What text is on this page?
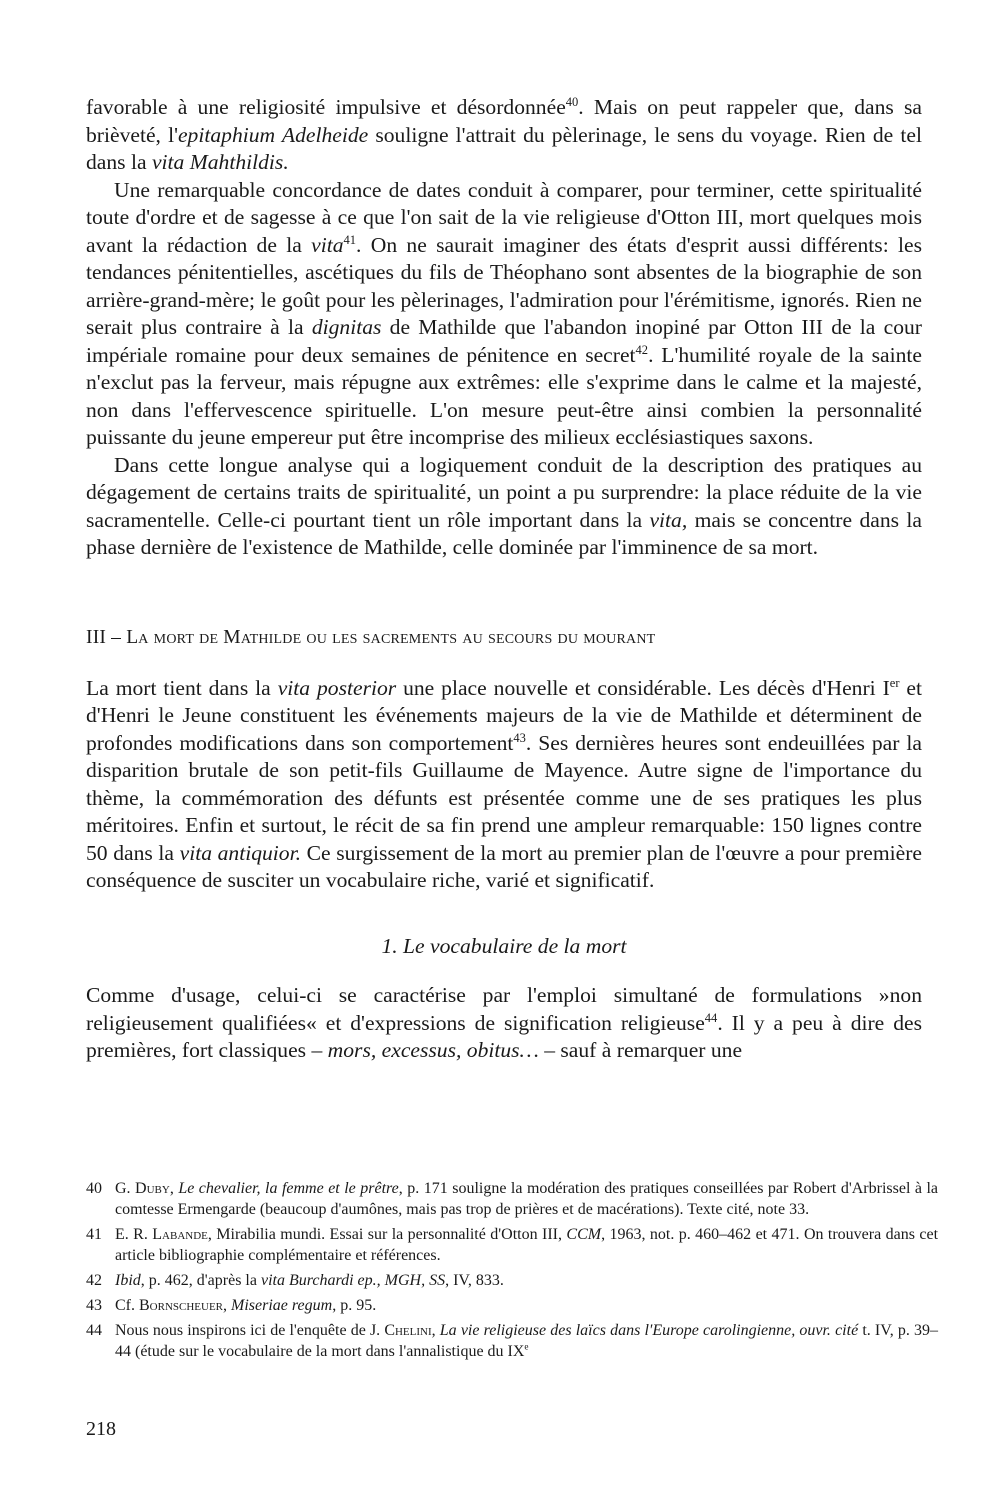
favorable à une religiosité impulsive et désordonnée$^{40}$. Mais on peut rappeler que, dans sa brièveté, l'epitaphium Adelheide souligne l'attrait du pèlerinage, le sens du voyage. Rien de tel dans la vita Mahthildis.

Une remarquable concordance de dates conduit à comparer, pour terminer, cette spiritualité toute d'ordre et de sagesse à ce que l'on sait de la vie religieuse d'Otton III, mort quelques mois avant la rédaction de la vita$^{41}$. On ne saurait imaginer des états d'esprit aussi différents: les tendances pénitentielles, ascétiques du fils de Théophano sont absentes de la biographie de son arrière-grand-mère; le goût pour les pèlerinages, l'admiration pour l'érémitisme, ignorés. Rien ne serait plus contraire à la dignitas de Mathilde que l'abandon inopiné par Otton III de la cour impériale romaine pour deux semaines de pénitence en secret$^{42}$. L'humilité royale de la sainte n'exclut pas la ferveur, mais répugne aux extrêmes: elle s'exprime dans le calme et la majesté, non dans l'effervescence spirituelle. L'on mesure peut-être ainsi combien la personnalité puissante du jeune empereur put être incomprise des milieux ecclésiastiques saxons.

Dans cette longue analyse qui a logiquement conduit de la description des pratiques au dégagement de certains traits de spiritualité, un point a pu surprendre: la place réduite de la vie sacramentelle. Celle-ci pourtant tient un rôle important dans la vita, mais se concentre dans la phase dernière de l'existence de Mathilde, celle dominée par l'imminence de sa mort.

III – La mort de Mathilde ou les sacrements au secours du mourant

La mort tient dans la vita posterior une place nouvelle et considérable. Les décès d'Henri Ier et d'Henri le Jeune constituent les événements majeurs de la vie de Mathilde et déterminent de profondes modifications dans son comportement$^{43}$. Ses dernières heures sont endeuillées par la disparition brutale de son petit-fils Guillaume de Mayence. Autre signe de l'importance du thème, la commémoration des défunts est présentée comme une de ses pratiques les plus méritoires. Enfin et surtout, le récit de sa fin prend une ampleur remarquable: 150 lignes contre 50 dans la vita antiquior. Ce surgissement de la mort au premier plan de l'œuvre a pour première conséquence de susciter un vocabulaire riche, varié et significatif.

1. Le vocabulaire de la mort

Comme d'usage, celui-ci se caractérise par l'emploi simultané de formulations »non religieusement qualifiées« et d'expressions de signification religieuse$^{44}$. Il y a peu à dire des premières, fort classiques – mors, excessus, obitus… – sauf à remarquer une

40 G. Duby, Le chevalier, la femme et le prêtre, p. 171 souligne la modération des pratiques conseillées par Robert d'Arbrissel à la comtesse Ermengarde (beaucoup d'aumônes, mais pas trop de prières et de macérations). Texte cité, note 33.
41 E. R. Labande, Mirabilia mundi. Essai sur la personnalité d'Otton III, CCM, 1963, not. p. 460–462 et 471. On trouvera dans cet article bibliographie complémentaire et références.
42 Ibid, p. 462, d'après la vita Burchardi ep., MGH, SS, IV, 833.
43 Cf. Bornscheuer, Miseriae regum, p. 95.
44 Nous nous inspirons ici de l'enquête de J. Chelini, La vie religieuse des laïcs dans l'Europe carolingienne, ouvr. cité t. IV, p. 39–44 (étude sur le vocabulaire de la mort dans l'annalistique du IXe
218
